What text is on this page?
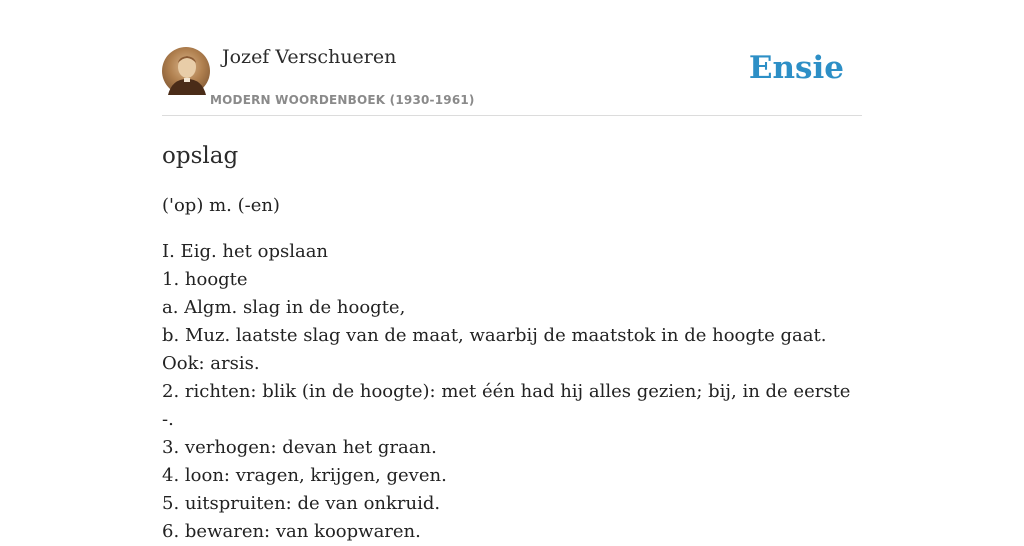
Jozef Verschueren
MODERN WOORDENBOEK (1930-1961)
Ensie
opslag
('op) m. (-en)
I. Eig. het opslaan
1. hoogte
a. Algm. slag in de hoogte,
b. Muz. laatste slag van de maat, waarbij de maatstok in de hoogte gaat. Ook: arsis.
2. richten: blik (in de hoogte): met één had hij alles gezien; bij, in de eerste -.
3. verhogen: devan het graan.
4. loon: vragen, krijgen, geven.
5. uitspruiten: de van onkruid.
6. bewaren: van koopwaren.
